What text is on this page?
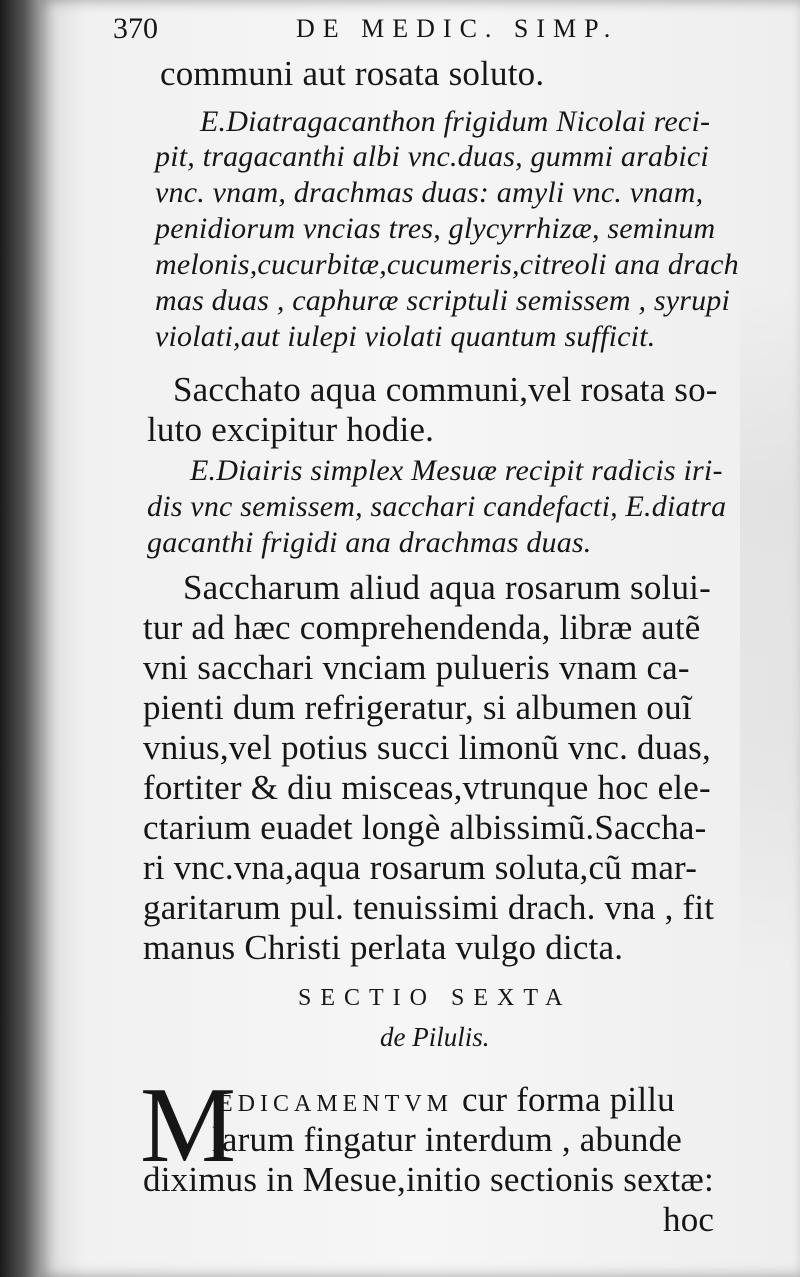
370	DE MEDIC. SIMP.
communi aut rosata soluto.
E.Diatragacanthon frigidum Nicolai reci-
pit, tragacanthi albi vnc.duas, gummi arabici
vnc. vnam, drachmas duas: amyli vnc. vnam,
penidiorum vncias tres, glycyrrhizæ, seminum
melonis,cucurbitæ,cucumeris,citreoli ana drach
mas duas , caphuræ scriptuli semissem , syrupi
violati,aut iulepi violati quantum sufficit.
Sacchato aqua communi,vel rosata so-
luto excipitur hodie.
E.Diairis simplex Mesuæ recipit radicis iri-
dis vnc semissem, sacchari candefacti, E.diatra
gacanthi frigidi ana drachmas duas.
Saccharum aliud aqua rosarum solui-
tur ad hæc comprehendenda, libræ autẽ
vni sacchari vnciam pulueris vnam ca-
pienti dum refrigeratur, si albumen ouĩ
vnius,vel potius succi limonũ vnc. duas,
fortiter & diu misceas,vtrunque hoc ele-
ctarium euadet longè albissimũ.Saccha-
ri vnc.vna,aqua rosarum soluta,cũ mar-
garitarum pul. tenuissimi drach. vna , fit
manus Christi perlata vulgo dicta.
SECTIO SEXTA
de Pilulis.
M
EDICAMENTVM cur forma pillu
larum fingatur interdum , abunde
diximus in Mesue,initio sectionis sextæ:
hoc
